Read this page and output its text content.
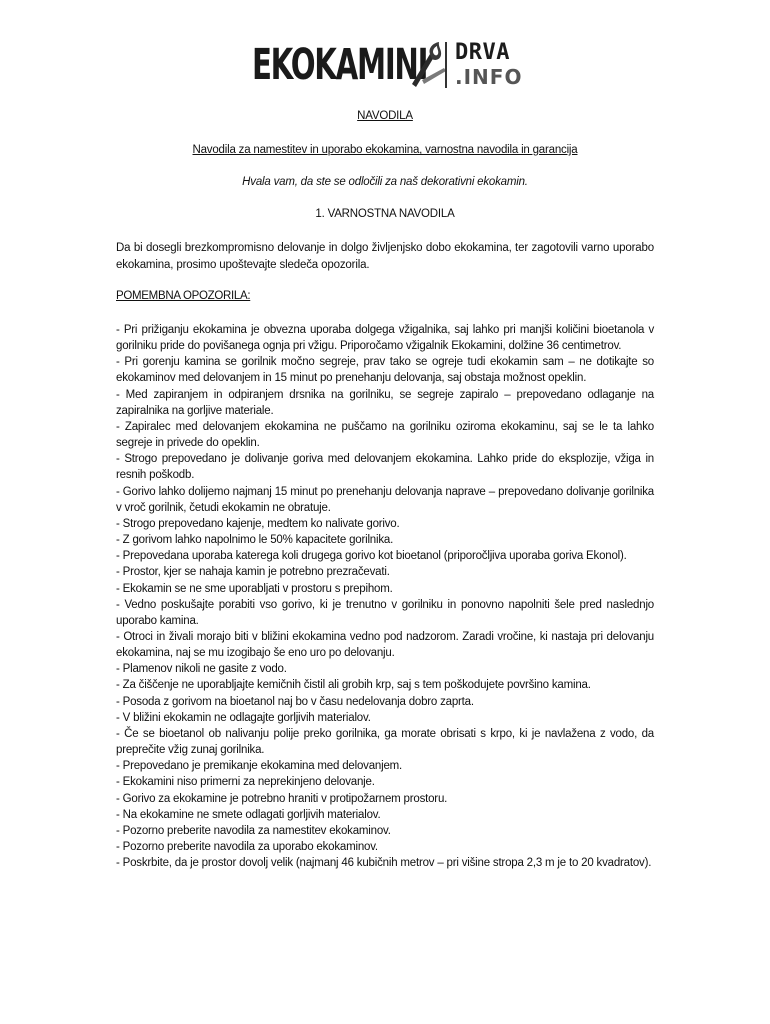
EKOKAMINI DRVA
.INFO
NAVODILA

Navodila za namestitev in uporabo ekokamina, varnostna navodila in garancija

Hvala vam, da ste se odločili za naš dekorativni ekokamin.

1. VARNOSTNA NAVODILA

Da bi dosegli brezkompromisno delovanje in dolgo življenjsko dobo ekokamina, ter zagotovili varno uporabo ekokamina, prosimo upoštevajte sledeča opozorila.

POMEMBNA OPOZORILA:
- Pri prižiganju ekokamina je obvezna uporaba dolgega vžigalnika, saj lahko pri manjši količini bioetanola v gorilniku pride do povišanega ognja pri vžigu. Priporočamo vžigalnik Ekokamini, dolžine 36 centimetrov.
- Pri gorenju kamina se gorilnik močno segreje, prav tako se ogreje tudi ekokamin sam – ne dotikajte so ekokaminov med delovanjem in 15 minut po prenehanju delovanja, saj obstaja možnost opeklin.
- Med zapiranjem in odpiranjem drsnika na gorilniku, se segreje zapiralo – prepovedano odlaganje na zapiralnika na gorljive materiale.
- Zapiralec med delovanjem ekokamina ne puščamo na gorilniku oziroma ekokaminu, saj se le ta lahko segreje in privede do opeklin.
- Strogo prepovedano je dolivanje goriva med delovanjem ekokamina. Lahko pride do eksplozije, vžiga in resnih poškodb.
- Gorivo lahko dolijemo najmanj 15 minut po prenehanju delovanja naprave – prepovedano dolivanje gorilnika v vroč gorilnik, četudi ekokamin ne obratuje.
- Strogo prepovedano kajenje, medtem ko nalivate gorivo.
- Z gorivom lahko napolnimo le 50% kapacitete gorilnika.
- Prepovedana uporaba katerega koli drugega gorivo kot bioetanol (priporočljiva uporaba goriva Ekonol).
- Prostor, kjer se nahaja kamin je potrebno prezračevati.
- Ekokamin se ne sme uporabljati v prostoru s prepihom.
- Vedno poskušajte porabiti vso gorivo, ki je trenutno v gorilniku in ponovno napolniti šele pred naslednjo uporabo kamina.
- Otroci in živali morajo biti v bližini ekokamina vedno pod nadzorom. Zaradi vročine, ki nastaja pri delovanju ekokamina, naj se mu izogibajo še eno uro po delovanju.
- Plamenov nikoli ne gasite z vodo.
- Za čiščenje ne uporabljajte kemičnih čistil ali grobih krp, saj s tem poškodujete površino kamina.
- Posoda z gorivom na bioetanol naj bo v času nedelovanja dobro zaprta.
- V bližini ekokamin ne odlagajte gorljivih materialov.
- Če se bioetanol ob nalivanju polije preko gorilnika, ga morate obrisati s krpo, ki je navlažena z vodo, da preprečite vžig zunaj gorilnika.
- Prepovedano je premikanje ekokamina med delovanjem.
- Ekokamini niso primerni za neprekinjeno delovanje.
- Gorivo za ekokamine je potrebno hraniti v protipožarnem prostoru.
- Na ekokamine ne smete odlagati gorljivih materialov.
- Pozorno preberite navodila za namestitev ekokaminov.
- Pozorno preberite navodila za uporabo ekokaminov.
- Poskrbite, da je prostor dovolj velik (najmanj 46 kubičnih metrov – pri višine stropa 2,3 m je to 20 kvadratov).
